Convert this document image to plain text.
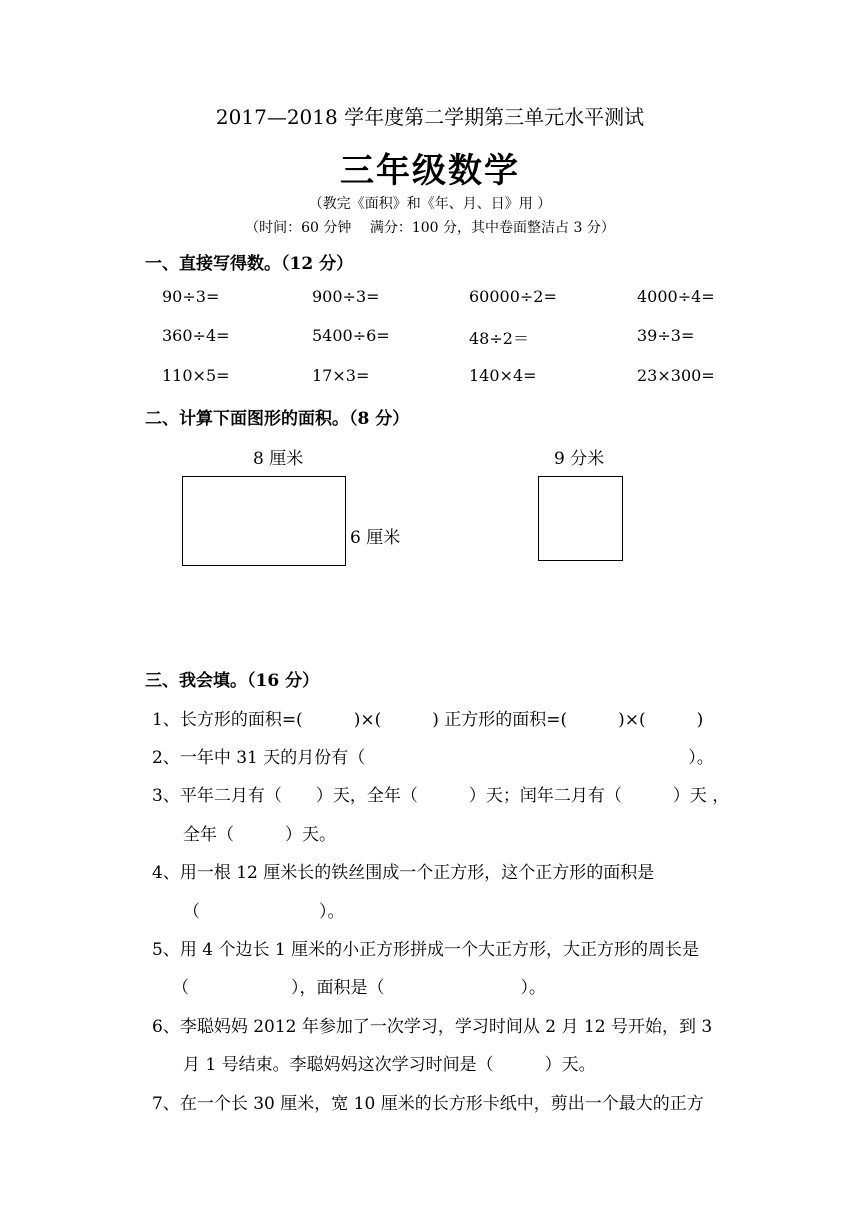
2017—2018 学年度第二学期第三单元水平测试
三年级数学
（教完《面积》和《年、月、日》用 ）
（时间：60 分钟　 满分：100 分，其中卷面整洁占 3 分）
一、直接写得数。（12 分）
90÷3=	900÷3=	60000÷2=	4000÷4=
360÷4=	5400÷6=	48÷2＝	39÷3=
110×5=	17×3=	140×4=	23×300=
二、计算下面图形的面积。（8 分）
8 厘米
6 厘米
9 分米
三、我会填。（16 分）
1、长方形的面积=(　　　)×(　　　) 正方形的面积=(　　　)×(　　　)
2、一年中 31 天的月份有（　　　　　　　　　　　　　　　　　　　）。
3、平年二月有（　　）天，全年（　　　）天；闰年二月有（　　　）天 ，
全年（　　　）天。
4、用一根 12 厘米长的铁丝围成一个正方形，这个正方形的面积是
（　　　　　　　）。
5、用 4 个边长 1 厘米的小正方形拼成一个大正方形，大正方形的周长是
（　　　　　　），面积是（　　　　　　　　）。
6、李聪妈妈 2012 年参加了一次学习，学习时间从 2 月 12 号开始，到 3
月 1 号结束。李聪妈妈这次学习时间是（　　　）天。
7、在一个长 30 厘米，宽 10 厘米的长方形卡纸中，剪出一个最大的正方
